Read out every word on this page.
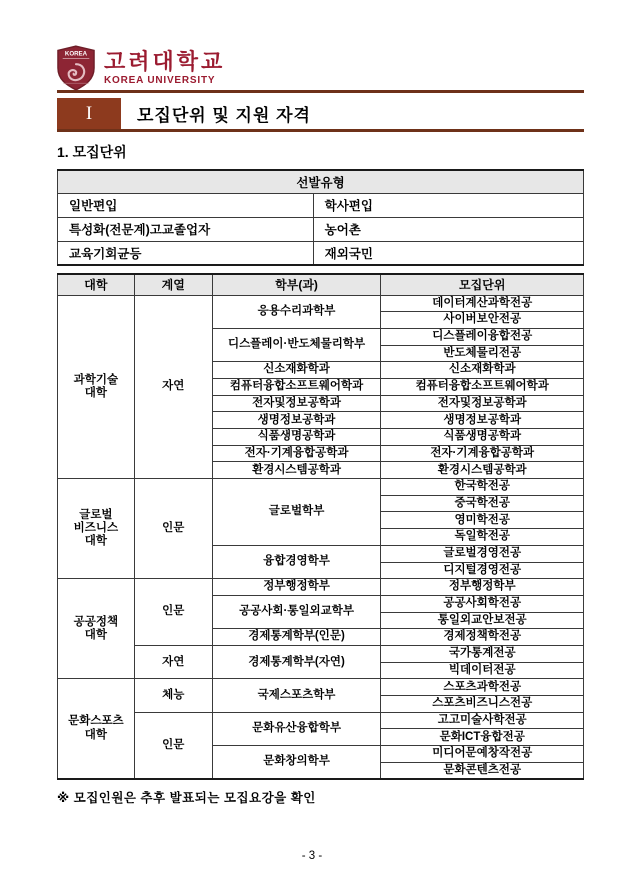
KOREA 고려대학교
KOREA UNIVERSITY
I	모집단위 및 지원 자격
1. 모집단위
선발유형	
일반편입	학사편입
특성화(전문계)고교졸업자	농어촌
교육기회균등	재외국민
대학	계열	학부(과)	모집단위
과학기술
대학	자연	응용수리과학부	데이터계산과학전공
			사이버보안전공
		디스플레이·반도체물리학부	디스플레이융합전공
			반도체물리전공
		신소재화학과	신소재화학과
		컴퓨터융합소프트웨어학과	컴퓨터융합소프트웨어학과
		전자및정보공학과	전자및정보공학과
		생명정보공학과	생명정보공학과
		식품생명공학과	식품생명공학과
		전자·기계융합공학과	전자·기계융합공학과
		환경시스템공학과	환경시스템공학과
글로벌
비즈니스
대학	인문	글로벌학부	한국학전공
			중국학전공
			영미학전공
			독일학전공
		융합경영학부	글로벌경영전공
			디지털경영전공
공공정책
대학	인문	정부행정학부	정부행정학부
		공공사회·통일외교학부	공공사회학전공
			통일외교안보전공
		경제통계학부(인문)	경제정책학전공
	자연	경제통계학부(자연)	국가통계전공
			빅데이터전공
문화스포츠
대학	체능	국제스포츠학부	스포츠과학전공
			스포츠비즈니스전공
	인문	문화유산융합학부	고고미술사학전공
			문화ICT융합전공
		문화창의학부	미디어문예창작전공
			문화콘텐츠전공
※ 모집인원은 추후 발표되는 모집요강을 확인
- 3 -
